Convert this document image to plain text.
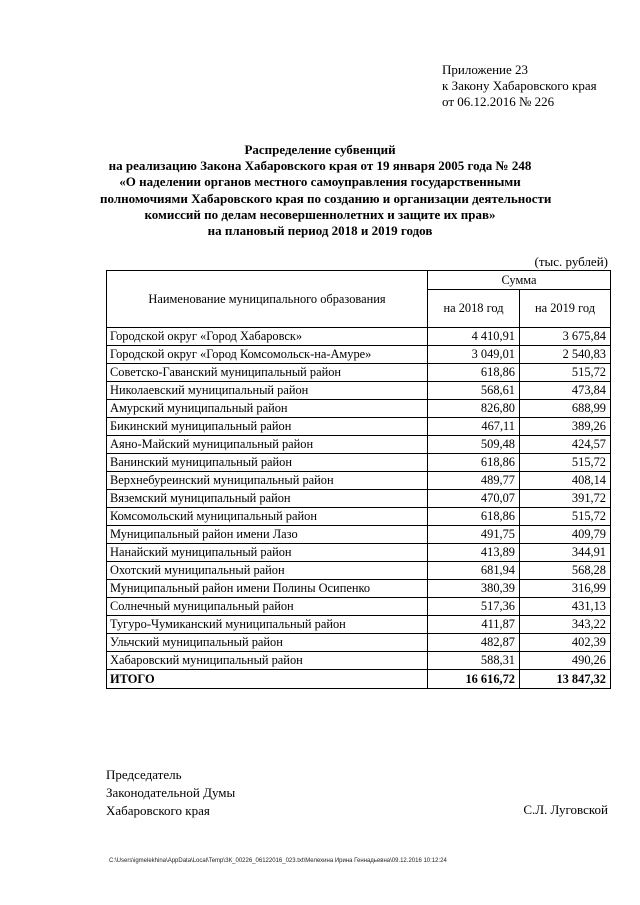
Приложение 23
к Закону Хабаровского края
от 06.12.2016 № 226
Распределение субвенций
на реализацию Закона Хабаровского края от 19 января 2005 года № 248
«О наделении органов местного самоуправления государственными
полномочиями Хабаровского края по созданию и организации деятельности
комиссий по делам несовершеннолетних и защите их прав»
на плановый период 2018 и 2019 годов
(тыс. рублей)
Наименование муниципального образования	Сумма	
	на 2018 год	на 2019 год
Городской округ «Город Хабаровск»	4 410,91	3 675,84
Городской округ «Город Комсомольск-на-Амуре»	3 049,01	2 540,83
Советско-Гаванский муниципальный район	618,86	515,72
Николаевский муниципальный район	568,61	473,84
Амурский муниципальный район	826,80	688,99
Бикинский муниципальный район	467,11	389,26
Аяно-Майский муниципальный район	509,48	424,57
Ванинский муниципальный район	618,86	515,72
Верхнебуреинский муниципальный район	489,77	408,14
Вяземский муниципальный район	470,07	391,72
Комсомольский муниципальный район	618,86	515,72
Муниципальный район имени Лазо	491,75	409,79
Нанайский муниципальный район	413,89	344,91
Охотский муниципальный район	681,94	568,28
Муниципальный район имени Полины Осипенко	380,39	316,99
Солнечный муниципальный район	517,36	431,13
Тугуро-Чумиканский муниципальный район	411,87	343,22
Ульчский муниципальный район	482,87	402,39
Хабаровский муниципальный район	588,31	490,26
ИТОГО	16 616,72	13 847,32
Председатель
Законодательной Думы
Хабаровского края	С.Л. Луговской
C:\Users\igmelekhina\AppData\Local\Temp\ЗК_00226_06122016_023.txt\Мелехина Ирина Геннадьевна\09.12.2016 10:12:24
